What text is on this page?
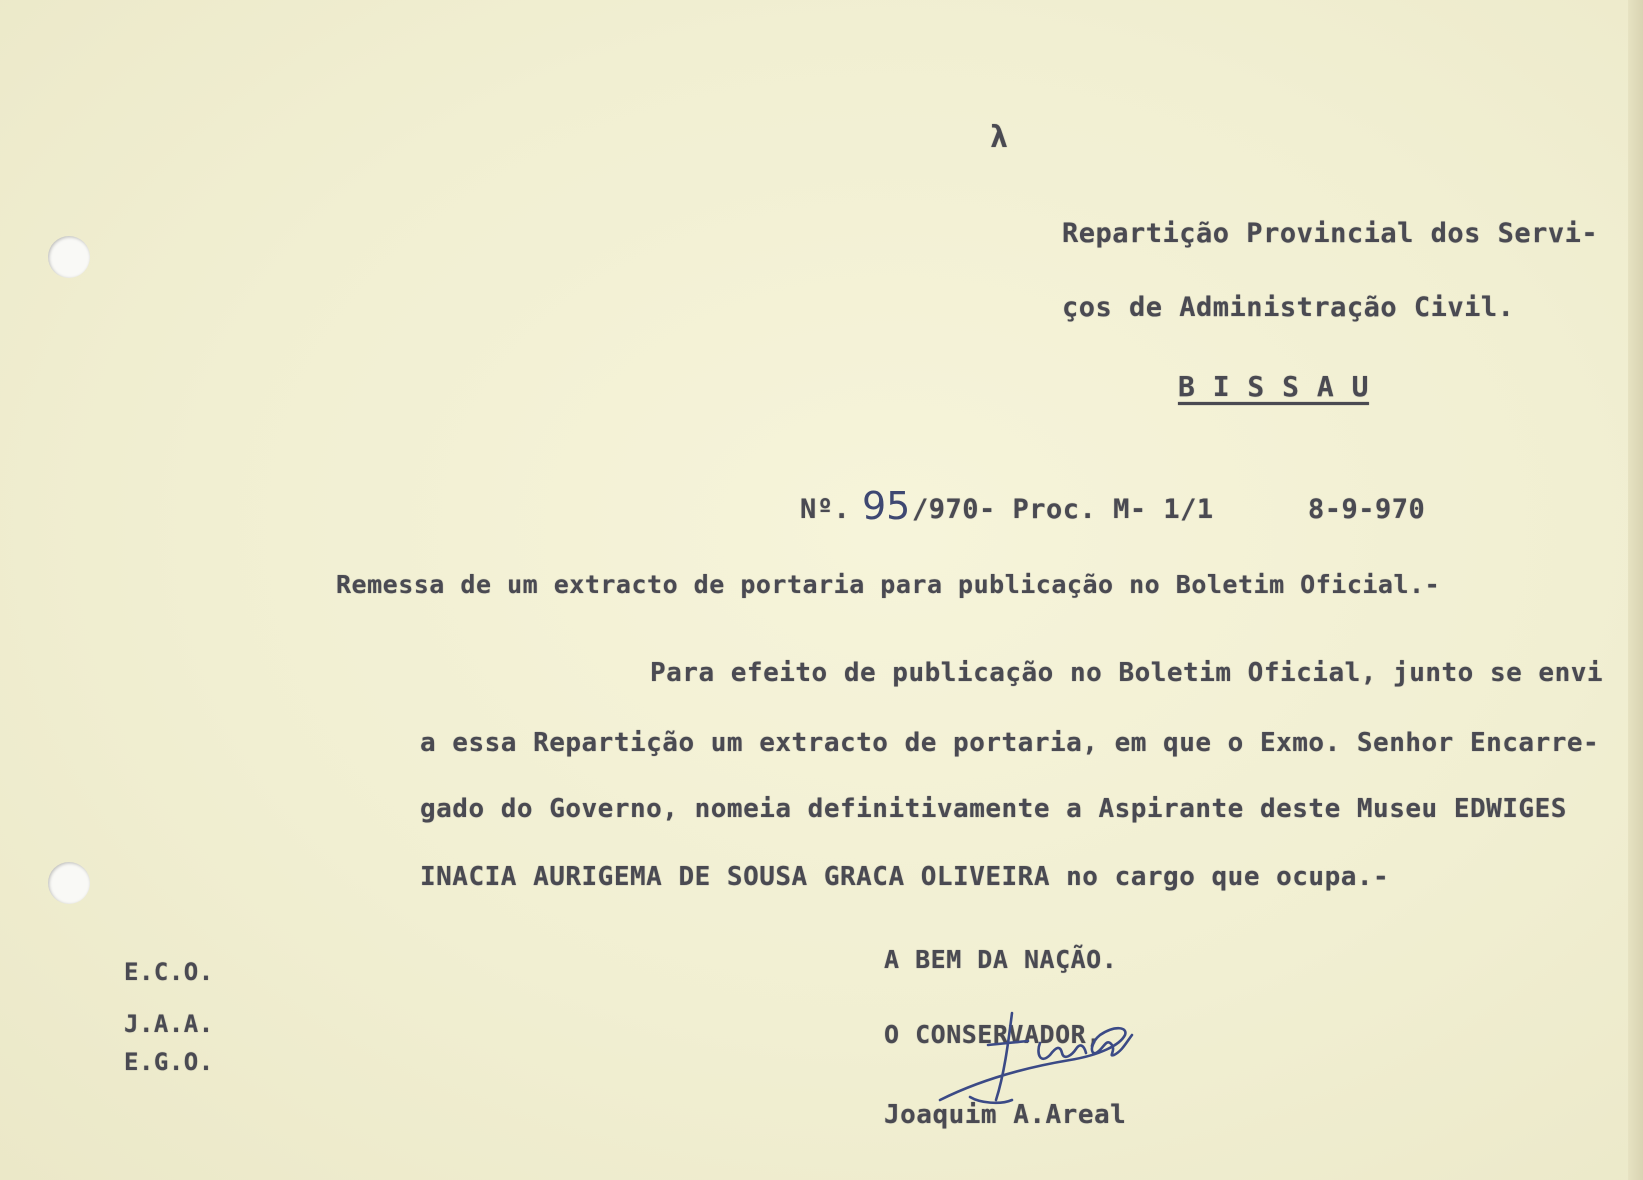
λ
Repartição Provincial dos Servi-
ços de Administração Civil.
B I S S A U
Nº. 95 /970- Proc. M- 1/1	8-9-970
Remessa de um extracto de portaria para publicação no Boletim Oficial.-
Para efeito de publicação no Boletim Oficial, junto se envi
a essa Repartição um extracto de portaria, em que o Exmo. Senhor Encarre-
gado do Governo, nomeia definitivamente a Aspirante deste Museu EDWIGES
INACIA AURIGEMA DE SOUSA GRACA OLIVEIRA no cargo que ocupa.-
A BEM DA NAÇÃO.
O CONSERVADOR,
Joaquim A.Areal
E.C.O.
J.A.A.
E.G.O.
